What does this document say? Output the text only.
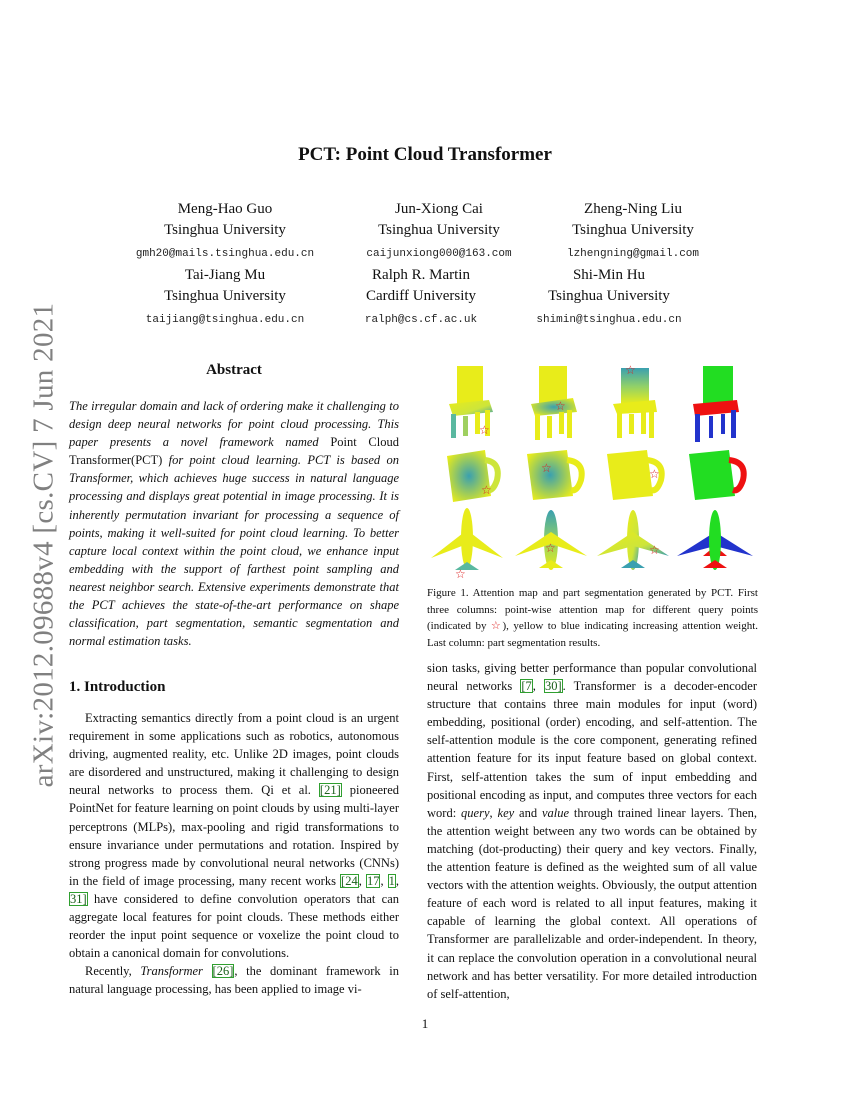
arXiv:2012.09688v4 [cs.CV] 7 Jun 2021
PCT: Point Cloud Transformer
Meng-Hao Guo
Tsinghua University
gmh20@mails.tsinghua.edu.cn
Jun-Xiong Cai
Tsinghua University
caijunxiong000@163.com
Zheng-Ning Liu
Tsinghua University
lzhengning@gmail.com
Tai-Jiang Mu
Tsinghua University
taijiang@tsinghua.edu.cn
Ralph R. Martin
Cardiff University
ralph@cs.cf.ac.uk
Shi-Min Hu
Tsinghua University
shimin@tsinghua.edu.cn
Abstract

The irregular domain and lack of ordering make it challenging to design deep neural networks for point cloud processing. This paper presents a novel framework named Point Cloud Transformer(PCT) for point cloud learning. PCT is based on Transformer, which achieves huge success in natural language processing and displays great potential in image processing. It is inherently permutation invariant for processing a sequence of points, making it well-suited for point cloud learning. To better capture local context within the point cloud, we enhance input embedding with the support of farthest point sampling and nearest neighbor search. Extensive experiments demonstrate that the PCT achieves the state-of-the-art performance on shape classification, part segmentation, semantic segmentation and normal estimation tasks.

1. Introduction

Extracting semantics directly from a point cloud is an urgent requirement in some applications such as robotics, autonomous driving, augmented reality, etc. Unlike 2D images, point clouds are disordered and unstructured, making it challenging to design neural networks to process them. Qi et al. [21] pioneered PointNet for feature learning on point clouds by using multi-layer perceptrons (MLPs), max-pooling and rigid transformations to ensure invariance under permutations and rotation. Inspired by strong progress made by convolutional neural networks (CNNs) in the field of image processing, many recent works [24, 17, 1, 31] have considered to define convolution operators that can aggregate local features for point clouds. These methods either reorder the input point sequence or voxelize the point cloud to obtain a canonical domain for convolutions.

Recently, Transformer [26], the dominant framework in natural language processing, has been applied to image vi-

☆
☆
☆
☆
☆	☆
☆
☆	☆
Figure 1. Attention map and part segmentation generated by PCT. First three columns: point-wise attention map for different query points (indicated by ☆), yellow to blue indicating increasing attention weight. Last column: part segmentation results.

sion tasks, giving better performance than popular convolutional neural networks [7, 30]. Transformer is a decoder-encoder structure that contains three main modules for input (word) embedding, positional (order) encoding, and self-attention. The self-attention module is the core component, generating refined attention feature for its input feature based on global context. First, self-attention takes the sum of input embedding and positional encoding as input, and computes three vectors for each word: query, key and value through trained linear layers. Then, the attention weight between any two words can be obtained by matching (dot-producting) their query and key vectors. Finally, the attention feature is defined as the weighted sum of all value vectors with the attention weights. Obviously, the output attention feature of each word is related to all input features, making it capable of learning the global context. All operations of Transformer are parallelizable and order-independent. In theory, it can replace the convolution operation in a convolutional neural network and has better versatility. For more detailed introduction of self-attention,

1
